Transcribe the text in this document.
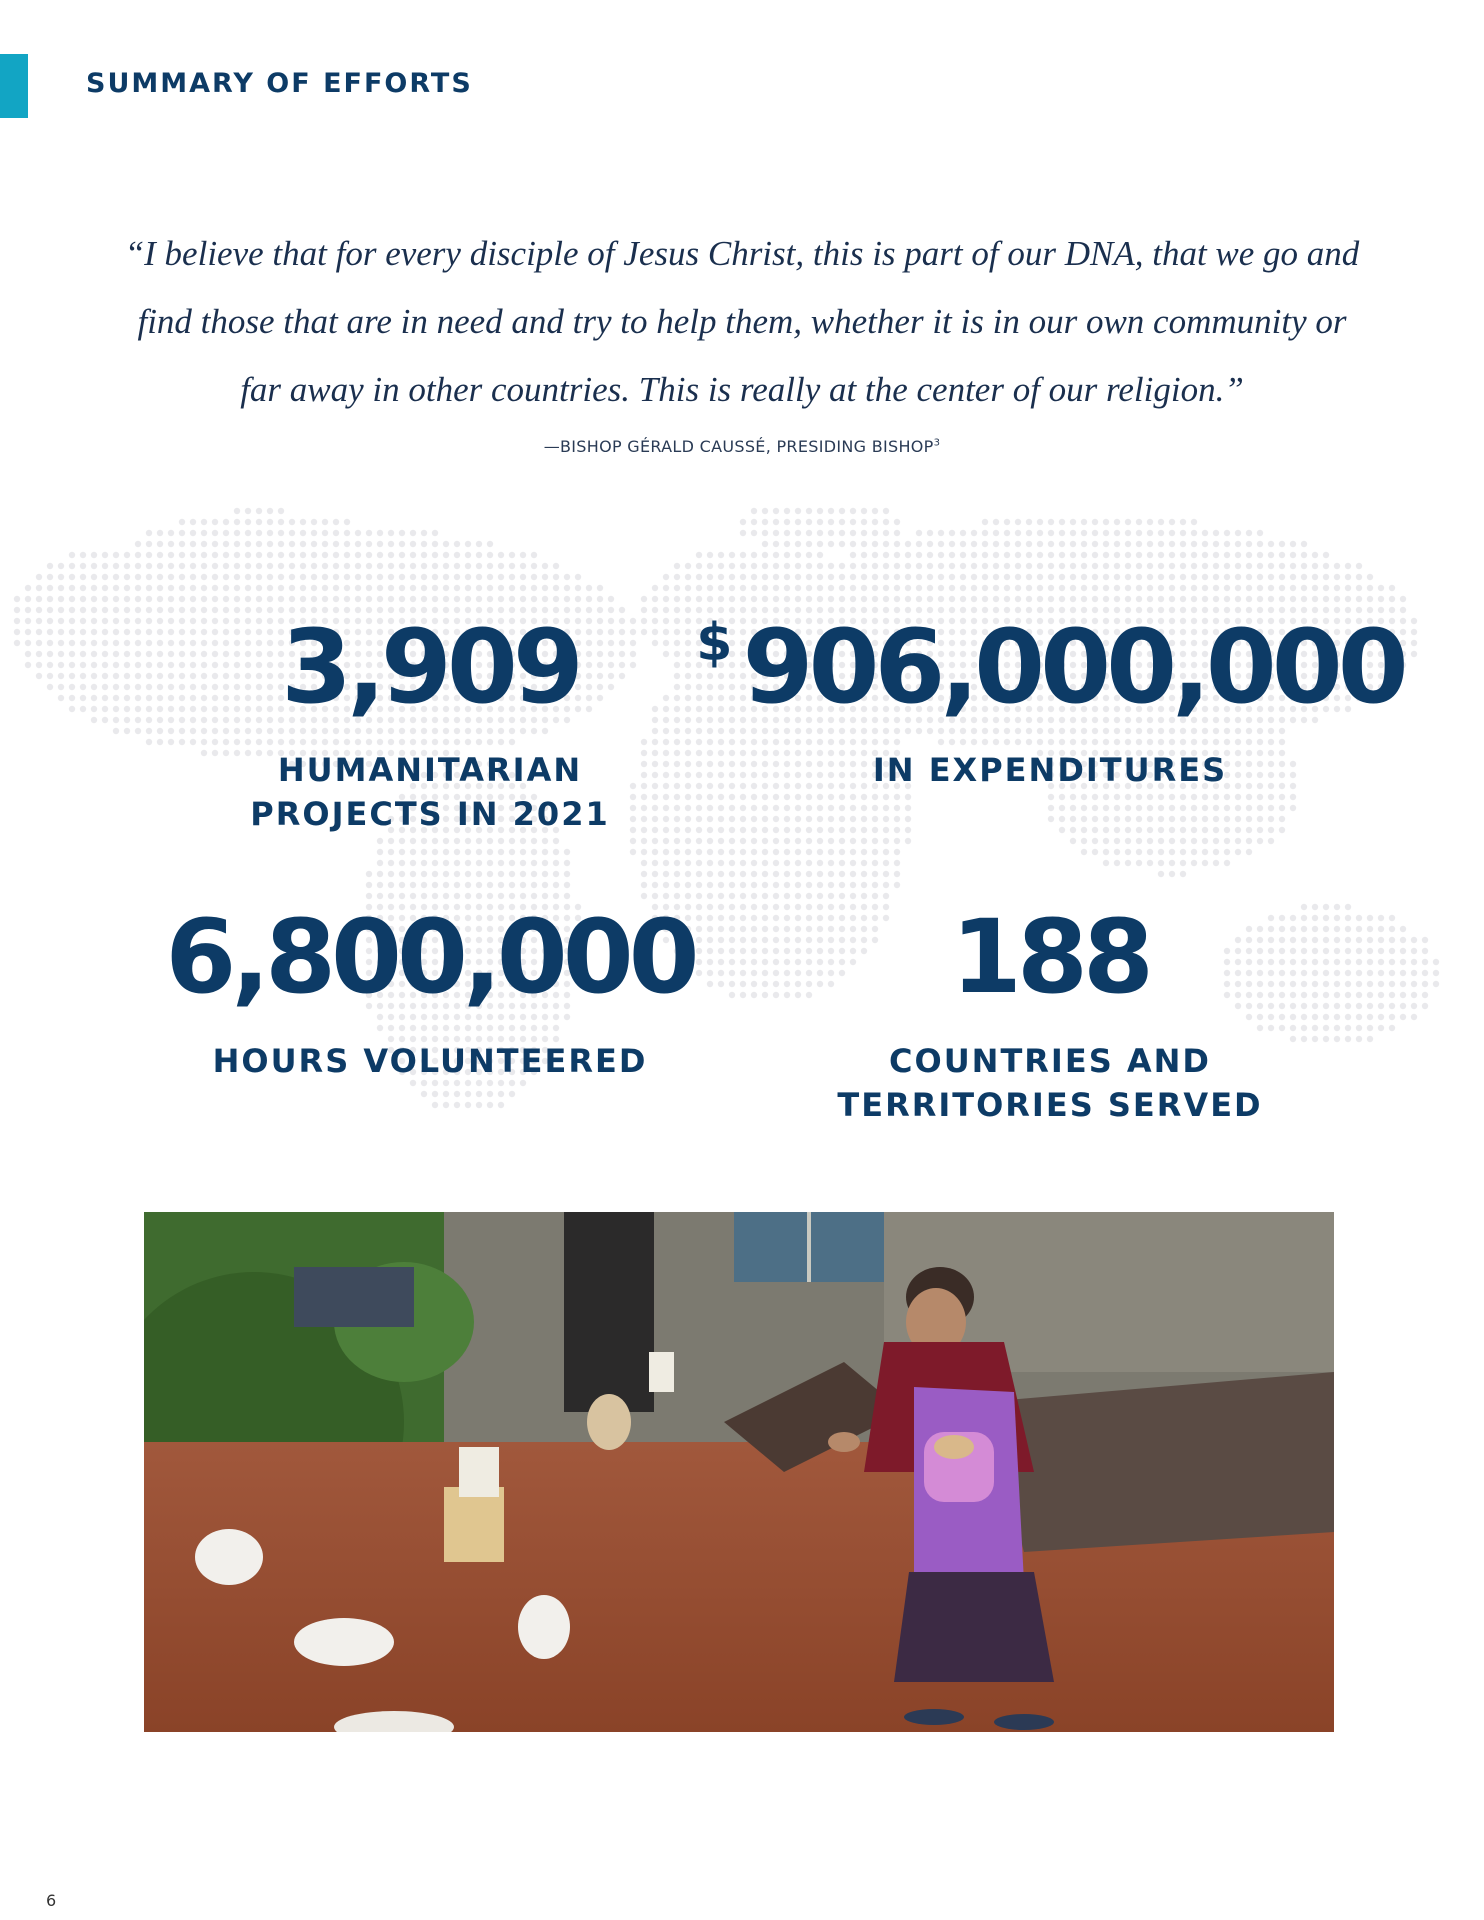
SUMMARY OF EFFORTS
“I believe that for every disciple of Jesus Christ, this is part of our DNA, that we go and find those that are in need and try to help them, whether it is in our own community or far away in other countries. This is really at the center of our religion.”
—BISHOP GÉRALD CAUSSÉ, PRESIDING BISHOP$^3$
3,909
HUMANITARIAN
PROJECTS IN 2021
$906,000,000
IN EXPENDITURES
6,800,000
HOURS VOLUNTEERED
188
COUNTRIES AND
TERRITORIES SERVED
6
